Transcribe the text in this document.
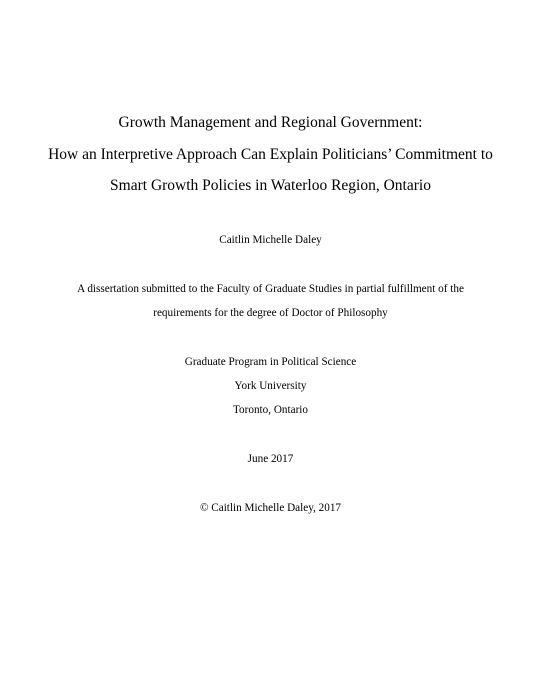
Growth Management and Regional Government:
How an Interpretive Approach Can Explain Politicians’ Commitment to
Smart Growth Policies in Waterloo Region, Ontario
Caitlin Michelle Daley
A dissertation submitted to the Faculty of Graduate Studies in partial fulfillment of the
requirements for the degree of Doctor of Philosophy
Graduate Program in Political Science
York University
Toronto, Ontario
June 2017
© Caitlin Michelle Daley, 2017
